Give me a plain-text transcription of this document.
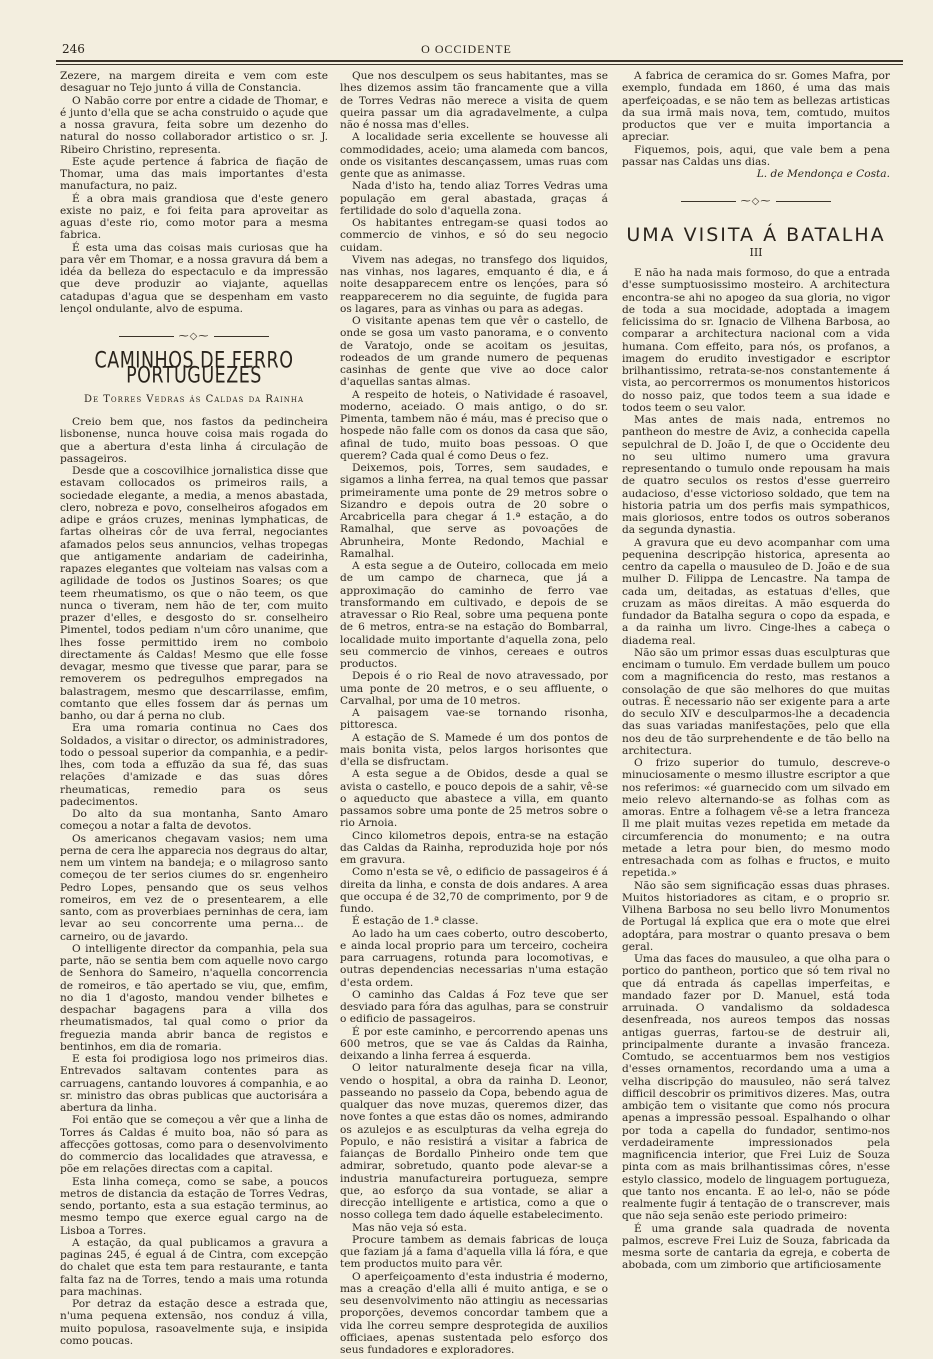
246	O OCCIDENTE

Zezere, na margem direita e vem com este desaguar no Tejo junto á villa de Constancia.

O Nabão corre por entre a cidade de Thomar, e é junto d'ella que se acha construido o açude que a nossa gravura, feita sobre um dezenho do natural do nosso collaborador artistico o sr. J. Ribeiro Christino, representa.

Este açude pertence á fabrica de fiação de Thomar, uma das mais importantes d'esta manufactura, no paiz.

É a obra mais grandiosa que d'este genero existe no paiz, e foi feita para aproveitar as aguas d'este rio, como motor para a mesma fabrica.

É esta uma das coisas mais curiosas que ha para vêr em Thomar, e a nossa gravura dá bem a idéa da belleza do espectaculo e da impressão que deve produzir ao viajante, aquellas catadupas d'agua que se despenham em vasto lençol ondulante, alvo de espuma.

⁓◇⁓
CAMINHOS DE FERRO PORTUGUEZES
De Torres Vedras ás Caldas da Rainha

Creio bem que, nos fastos da pedincheira lisbonense, nunca houve coisa mais rogada do que a abertura d'esta linha á circulação de passageiros.

Desde que a coscovilhice jornalistica disse que estavam collocados os primeiros rails, a sociedade elegante, a media, a menos abastada, clero, nobreza e povo, conselheiros afogados em adipe e gráos cruzes, meninas lymphaticas, de fartas olheiras côr de uva ferral, negociantes afamados pelos seus annuncios, velhas tropegas que antigamente andariam de cadeirinha, rapazes elegantes que volteiam nas valsas com a agilidade de todos os Justinos Soares; os que teem rheumatismo, os que o não teem, os que nunca o tiveram, nem hão de ter, com muito prazer d'elles, e desgosto do sr. conselheiro Pimentel, todos pediam n'um côro unanime, que lhes fosse permittido irem no comboio directamente ás Caldas! Mesmo que elle fosse devagar, mesmo que tivesse que parar, para se removerem os pedregulhos empregados na balastragem, mesmo que descarrilasse, emfim, comtanto que elles fossem dar ás pernas um banho, ou dar á perna no club.

Era uma romaria continua no Caes dos Soldados, a visitar o director, os administradores, todo o pessoal superior da companhia, e a pedir-lhes, com toda a effuzão da sua fé, das suas relações d'amizade e das suas dôres rheumaticas, remedio para os seus padecimentos.

Do alto da sua montanha, Santo Amaro começou a notar a falta de devotos.

Os americanos chegavam vasios; nem uma perna de cera lhe apparecia nos degraus do altar, nem um vintem na bandeja; e o milagroso santo começou de ter serios ciumes do sr. engenheiro Pedro Lopes, pensando que os seus velhos romeiros, em vez de o presentearem, a elle santo, com as proverbiaes perninhas de cera, iam levar ao seu concorrente uma perna... de carneiro, ou de javardo.

O intelligente director da companhia, pela sua parte, não se sentia bem com aquelle novo cargo de Senhora do Sameiro, n'aquella concorrencia de romeiros, e tão apertado se viu, que, emfim, no dia 1 d'agosto, mandou vender bilhetes e despachar bagagens para a villa dos rheumatismados, tal qual como o prior da freguezia manda abrir banca de registos e bentinhos, em dia de romaria.

E esta foi prodigiosa logo nos primeiros dias. Entrevados saltavam contentes para as carruagens, cantando louvores á companhia, e ao sr. ministro das obras publicas que auctorisára a abertura da linha.

Foi então que se começou a vêr que a linha de Torres ás Caldas é muito boa, não só para as affecções gottosas, como para o desenvolvimento do commercio das localidades que atravessa, e põe em relações directas com a capital.

Esta linha começa, como se sabe, a poucos metros de distancia da estação de Torres Vedras, sendo, portanto, esta a sua estação terminus, ao mesmo tempo que exerce egual cargo na de Lisboa a Torres.

A estação, da qual publicamos a gravura a paginas 245, é egual á de Cintra, com excepção do chalet que esta tem para restaurante, e tanta falta faz na de Torres, tendo a mais uma rotunda para machinas.

Por detraz da estação desce a estrada que, n'uma pequena extensão, nos conduz á villa, muito populosa, rasoavelmente suja, e insipida como poucas.

Que nos desculpem os seus habitantes, mas se lhes dizemos assim tão francamente que a villa de Torres Vedras não merece a visita de quem queira passar um dia agradavelmente, a culpa não é nossa mas d'elles.

A localidade seria excellente se houvesse ali commodidades, aceio; uma alameda com bancos, onde os visitantes descançassem, umas ruas com gente que as animasse.

Nada d'isto ha, tendo aliaz Torres Vedras uma população em geral abastada, graças á fertilidade do solo d'aquella zona.

Os habitantes entregam-se quasi todos ao commercio de vinhos, e só do seu negocio cuidam.

Vivem nas adegas, no transfego dos liquidos, nas vinhas, nos lagares, emquanto é dia, e á noite desapparecem entre os lençóes, para só reapparecerem no dia seguinte, de fugida para os lagares, para as vinhas ou para as adegas.

O visitante apenas tem que vêr o castello, de onde se gosa um vasto panorama, e o convento de Varatojo, onde se acoitam os jesuitas, rodeados de um grande numero de pequenas casinhas de gente que vive ao doce calor d'aquellas santas almas.

A respeito de hoteis, o Natividade é rasoavel, moderno, aceiado. O mais antigo, o do sr. Pimenta, tambem não é máu, mas é preciso que o hospede não falle com os donos da casa que são, afinal de tudo, muito boas pessoas. O que querem? Cada qual é como Deus o fez.

Deixemos, pois, Torres, sem saudades, e sigamos a linha ferrea, na qual temos que passar primeiramente uma ponte de 29 metros sobre o Sizandro e depois outra de 20 sobre o Arcabricella para chegar á 1.ª estação, a do Ramalhal, que serve as povoações de Abrunheira, Monte Redondo, Machial e Ramalhal.

A esta segue a de Outeiro, collocada em meio de um campo de charneca, que já a approximação do caminho de ferro vae transformando em cultivado, e depois de se atravessar o Rio Real, sobre uma pequena ponte de 6 metros, entra-se na estação do Bombarral, localidade muito importante d'aquella zona, pelo seu commercio de vinhos, cereaes e outros productos.

Depois é o rio Real de novo atravessado, por uma ponte de 20 metros, e o seu affluente, o Carvalhal, por uma de 10 metros.

A paisagem vae-se tornando risonha, pittoresca.

A estação de S. Mamede é um dos pontos de mais bonita vista, pelos largos horisontes que d'ella se disfructam.

A esta segue a de Obidos, desde a qual se avista o castello, e pouco depois de a sahir, vê-se o aqueducto que abastece a villa, em quanto passamos sobre uma ponte de 25 metros sobre o rio Arnoia.

Cinco kilometros depois, entra-se na estação das Caldas da Rainha, reproduzida hoje por nós em gravura.

Como n'esta se vê, o edificio de passageiros é á direita da linha, e consta de dois andares. A area que occupa é de 32,70 de comprimento, por 9 de fundo.

É estação de 1.ª classe.

Ao lado ha um caes coberto, outro descoberto, e ainda local proprio para um terceiro, cocheira para carruagens, rotunda para locomotivas, e outras dependencias necessarias n'uma estação d'esta ordem.

O caminho das Caldas á Foz teve que ser desviado para fóra das agulhas, para se construir o edificio de passageiros.

É por este caminho, e percorrendo apenas uns 600 metros, que se vae ás Caldas da Rainha, deixando a linha ferrea á esquerda.

O leitor naturalmente deseja ficar na villa, vendo o hospital, a obra da rainha D. Leonor, passeando no passeio da Copa, bebendo agua de qualquer das nove muzas, queremos dizer, das nove fontes a que estas dão os nomes, admirando os azulejos e as esculpturas da velha egreja do Populo, e não resistirá a visitar a fabrica de faianças de Bordallo Pinheiro onde tem que admirar, sobretudo, quanto pode alevar-se a industria manufactureira portugueza, sempre que, ao esforço da sua vontade, se aliar a direcção intelligente e artistica, como a que o nosso collega tem dado áquelle estabelecimento.

Mas não veja só esta.

Procure tambem as demais fabricas de louça que faziam já a fama d'aquella villa lá fóra, e que tem productos muito para vêr.

O aperfeiçoamento d'esta industria é moderno, mas a creação d'ella alli é muito antiga, e se o seu desenvolvimento não attingiu as necessarias proporções, devemos concordar tambem que a vida lhe correu sempre desprotegida de auxilios officiaes, apenas sustentada pelo esforço dos seus fundadores e exploradores.

A fabrica de ceramica do sr. Gomes Mafra, por exemplo, fundada em 1860, é uma das mais aperfeiçoadas, e se não tem as bellezas artisticas da sua irmã mais nova, tem, comtudo, muitos productos que ver e muita importancia a apreciar.

Fiquemos, pois, aqui, que vale bem a pena passar nas Caldas uns dias.

L. de Mendonça e Costa.

⁓◇⁓
UMA VISITA Á BATALHA
III

E não ha nada mais formoso, do que a entrada d'esse sumptuosissimo mosteiro. A architectura encontra-se ahi no apogeo da sua gloria, no vigor de toda a sua mocidade, adoptada a imagem felicissima do sr. Ignacio de Vilhena Barbosa, ao comparar a architectura nacional com a vida humana. Com effeito, para nós, os profanos, a imagem do erudito investigador e escriptor brilhantissimo, retrata-se-nos constantemente á vista, ao percorrermos os monumentos historicos do nosso paiz, que todos teem a sua idade e todos teem o seu valor.

Mas antes de mais nada, entremos no pantheon do mestre de Aviz, a conhecida capella sepulchral de D. João I, de que o Occidente deu no seu ultimo numero uma gravura representando o tumulo onde repousam ha mais de quatro seculos os restos d'esse guerreiro audacioso, d'esse victorioso soldado, que tem na historia patria um dos perfis mais sympathicos, mais gloriosos, entre todos os outros soberanos da segunda dynastia.

A gravura que eu devo acompanhar com uma pequenina descripção historica, apresenta ao centro da capella o mausuleo de D. João e de sua mulher D. Filippa de Lencastre. Na tampa de cada um, deitadas, as estatuas d'elles, que cruzam as mãos direitas. A mão esquerda do fundador da Batalha segura o copo da espada, e a da rainha um livro. Cinge-lhes a cabeça o diadema real.

Não são um primor essas duas esculpturas que encimam o tumulo. Em verdade bullem um pouco com a magnificencia do resto, mas restanos a consolação de que são melhores do que muitas outras. É necessario não ser exigente para a arte do seculo XIV e desculparmos-lhe a decadencia das suas variadas manifestações, pelo que ella nos deu de tão surprehendente e de tão bello na architectura.

O frizo superior do tumulo, descreve-o minuciosamente o mesmo illustre escriptor a que nos referimos: «é guarnecido com um silvado em meio relevo alternando-se as folhas com as amoras. Entre a folhagem vê-se a letra franceza Il me plait muitas vezes repetida em metade da circumferencia do monumento; e na outra metade a letra pour bien, do mesmo modo entresachada com as folhas e fructos, e muito repetida.»

Não são sem significação essas duas phrases. Muitos historiadores as citam, e o proprio sr. Vilhena Barbosa no seu bello livro Monumentos de Portugal lá explica que era o mote que elrei adoptára, para mostrar o quanto presava o bem geral.

Uma das faces do mausuleo, a que olha para o portico do pantheon, portico que só tem rival no que dá entrada ás capellas imperfeitas, e mandado fazer por D. Manuel, está toda arruinada. O vandalismo da soldadesca desenfreada, nos aureos tempos das nossas antigas guerras, fartou-se de destruir ali, principalmente durante a invasão franceza. Comtudo, se accentuarmos bem nos vestigios d'esses ornamentos, recordando uma a uma a velha discripção do mausuleo, não será talvez difficil descobrir os primitivos dizeres. Mas, outra ambição tem o visitante que como nós procura apenas a impressão pessoal. Espalhando o olhar por toda a capella do fundador, sentimo-nos verdadeiramente impressionados pela magnificencia interior, que Frei Luiz de Souza pinta com as mais brilhantissimas côres, n'esse estylo classico, modelo de linguagem portugueza, que tanto nos encanta. E ao lel-o, não se póde realmente fugir á tentação de o transcrever, mais que não seja senão este periodo primeiro:

É uma grande sala quadrada de noventa palmos, escreve Frei Luiz de Souza, fabricada da mesma sorte de cantaria da egreja, e coberta de abobada, com um zimborio que artificiosamente
